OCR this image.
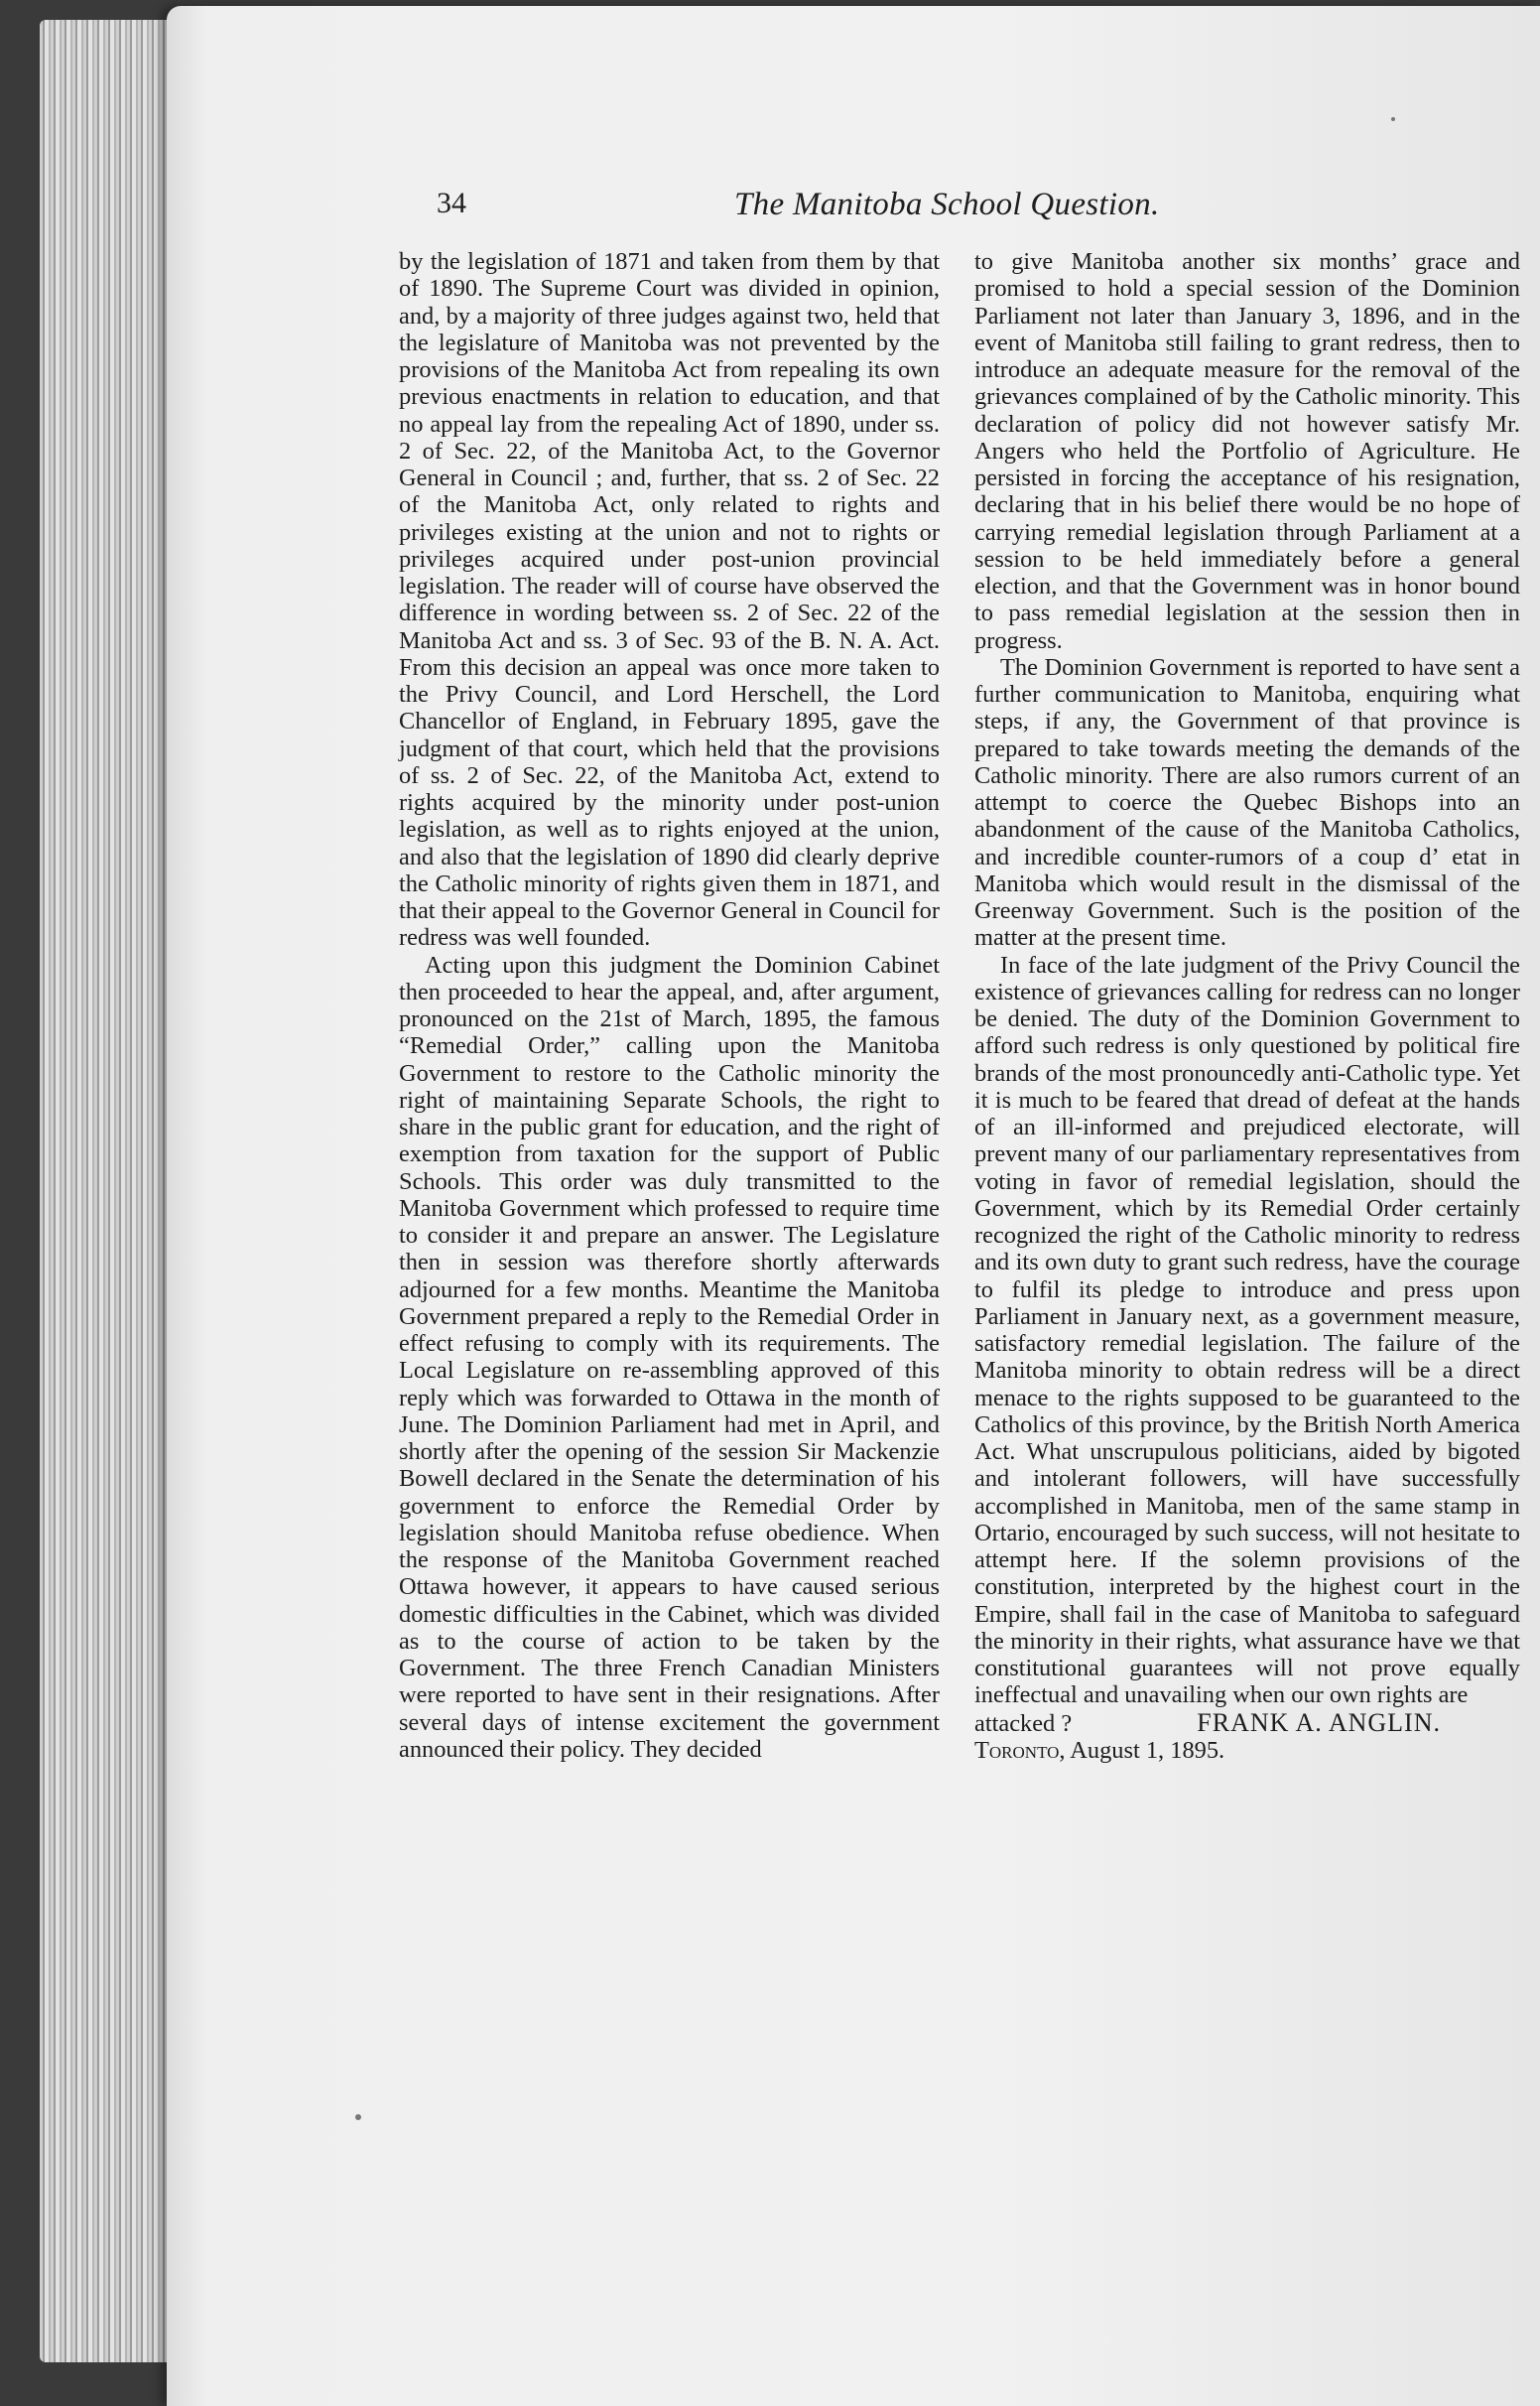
34	The Manitoba School Question.

by the legislation of 1871 and taken from them by that of 1890. The Supreme Court was divided in opinion, and, by a majority of three judges against two, held that the legislature of Manitoba was not prevented by the provisions of the Manitoba Act from repealing its own previous enactments in relation to education, and that no appeal lay from the repealing Act of 1890, under ss. 2 of Sec. 22, of the Manitoba Act, to the Governor General in Council ; and, further, that ss. 2 of Sec. 22 of the Manitoba Act, only related to rights and privileges existing at the union and not to rights or privileges acquired under post-union provincial legislation. The reader will of course have observed the difference in wording between ss. 2 of Sec. 22 of the Manitoba Act and ss. 3 of Sec. 93 of the B. N. A. Act. From this decision an appeal was once more taken to the Privy Council, and Lord Herschell, the Lord Chancellor of England, in February 1895, gave the judgment of that court, which held that the provisions of ss. 2 of Sec. 22, of the Manitoba Act, extend to rights acquired by the minority under post-union legislation, as well as to rights enjoyed at the union, and also that the legislation of 1890 did clearly deprive the Catholic minority of rights given them in 1871, and that their appeal to the Governor General in Council for redress was well founded.

Acting upon this judgment the Dominion Cabinet then proceeded to hear the appeal, and, after argument, pronounced on the 21st of March, 1895, the famous “Remedial Order,” calling upon the Manitoba Government to restore to the Catholic minority the right of maintaining Separate Schools, the right to share in the public grant for education, and the right of exemption from taxation for the support of Public Schools. This order was duly transmitted to the Manitoba Government which professed to require time to consider it and prepare an answer. The Legislature then in session was therefore shortly afterwards adjourned for a few months. Meantime the Manitoba Government prepared a reply to the Remedial Order in effect refusing to comply with its requirements. The Local Legislature on re-assembling approved of this reply which was forwarded to Ottawa in the month of June. The Dominion Parliament had met in April, and shortly after the opening of the session Sir Mackenzie Bowell declared in the Senate the determination of his government to enforce the Remedial Order by legislation should Manitoba refuse obedience. When the response of the Manitoba Government reached Ottawa however, it appears to have caused serious domestic difficulties in the Cabinet, which was divided as to the course of action to be taken by the Government. The three French Canadian Ministers were reported to have sent in their resignations. After several days of intense excitement the government announced their policy. They decided

to give Manitoba another six months’ grace and promised to hold a special session of the Dominion Parliament not later than January 3, 1896, and in the event of Manitoba still failing to grant redress, then to introduce an adequate measure for the removal of the grievances complained of by the Catholic minority. This declaration of policy did not however satisfy Mr. Angers who held the Portfolio of Agriculture. He persisted in forcing the acceptance of his resignation, declaring that in his belief there would be no hope of carrying remedial legislation through Parliament at a session to be held immediately before a general election, and that the Government was in honor bound to pass remedial legislation at the session then in progress.

The Dominion Government is reported to have sent a further communication to Manitoba, enquiring what steps, if any, the Government of that province is prepared to take towards meeting the demands of the Catholic minority. There are also rumors current of an attempt to coerce the Quebec Bishops into an abandonment of the cause of the Manitoba Catholics, and incredible counter-rumors of a coup d’ etat in Manitoba which would result in the dismissal of the Greenway Government. Such is the position of the matter at the present time.

In face of the late judgment of the Privy Council the existence of grievances calling for redress can no longer be denied. The duty of the Dominion Government to afford such redress is only questioned by political fire brands of the most pronouncedly anti-Catholic type. Yet it is much to be feared that dread of defeat at the hands of an ill-informed and prejudiced electorate, will prevent many of our parliamentary representatives from voting in favor of remedial legislation, should the Government, which by its Remedial Order certainly recognized the right of the Catholic minority to redress and its own duty to grant such redress, have the courage to fulfil its pledge to introduce and press upon Parliament in January next, as a government measure, satisfactory remedial legislation. The failure of the Manitoba minority to obtain redress will be a direct menace to the rights supposed to be guaranteed to the Catholics of this province, by the British North America Act. What unscrupulous politicians, aided by bigoted and intolerant followers, will have successfully accomplished in Manitoba, men of the same stamp in Ortario, encouraged by such success, will not hesitate to attempt here. If the solemn provisions of the constitution, interpreted by the highest court in the Empire, shall fail in the case of Manitoba to safeguard the minority in their rights, what assurance have we that constitutional guarantees will not prove equally ineffectual and unavailing when our own rights are

attacked ?	FRANK A. ANGLIN.

Toronto, August 1, 1895.
